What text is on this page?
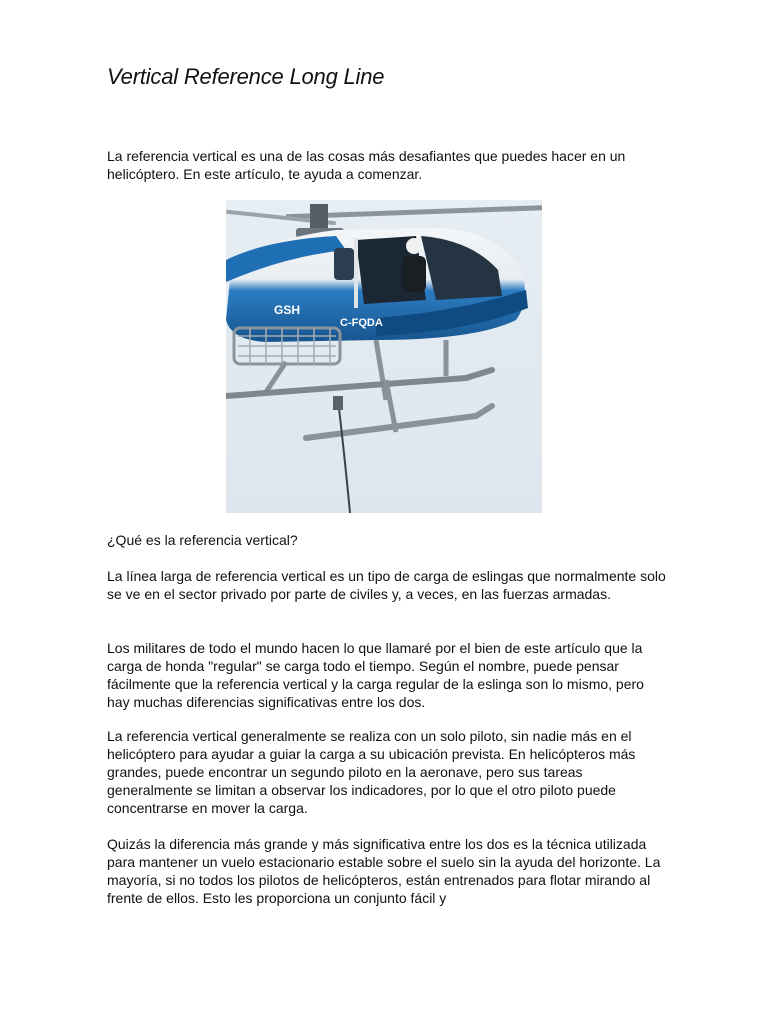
Vertical Reference Long Line

La referencia vertical es una de las cosas más desafiantes que puedes hacer en un helicóptero. En este artículo, te ayuda a comenzar.

GSH
C-FQDA

¿Qué es la referencia vertical?

La línea larga de referencia vertical es un tipo de carga de eslingas que normalmente solo se ve en el sector privado por parte de civiles y, a veces, en las fuerzas armadas.

Los militares de todo el mundo hacen lo que llamaré por el bien de este artículo que la carga de honda "regular" se carga todo el tiempo. Según el nombre, puede pensar fácilmente que la referencia vertical y la carga regular de la eslinga son lo mismo, pero hay muchas diferencias significativas entre los dos.

La referencia vertical generalmente se realiza con un solo piloto, sin nadie más en el helicóptero para ayudar a guiar la carga a su ubicación prevista. En helicópteros más grandes, puede encontrar un segundo piloto en la aeronave, pero sus tareas generalmente se limitan a observar los indicadores, por lo que el otro piloto puede concentrarse en mover la carga.

Quizás la diferencia más grande y más significativa entre los dos es la técnica utilizada para mantener un vuelo estacionario estable sobre el suelo sin la ayuda del horizonte. La mayoría, si no todos los pilotos de helicópteros, están entrenados para flotar mirando al frente de ellos. Esto les proporciona un conjunto fácil y
